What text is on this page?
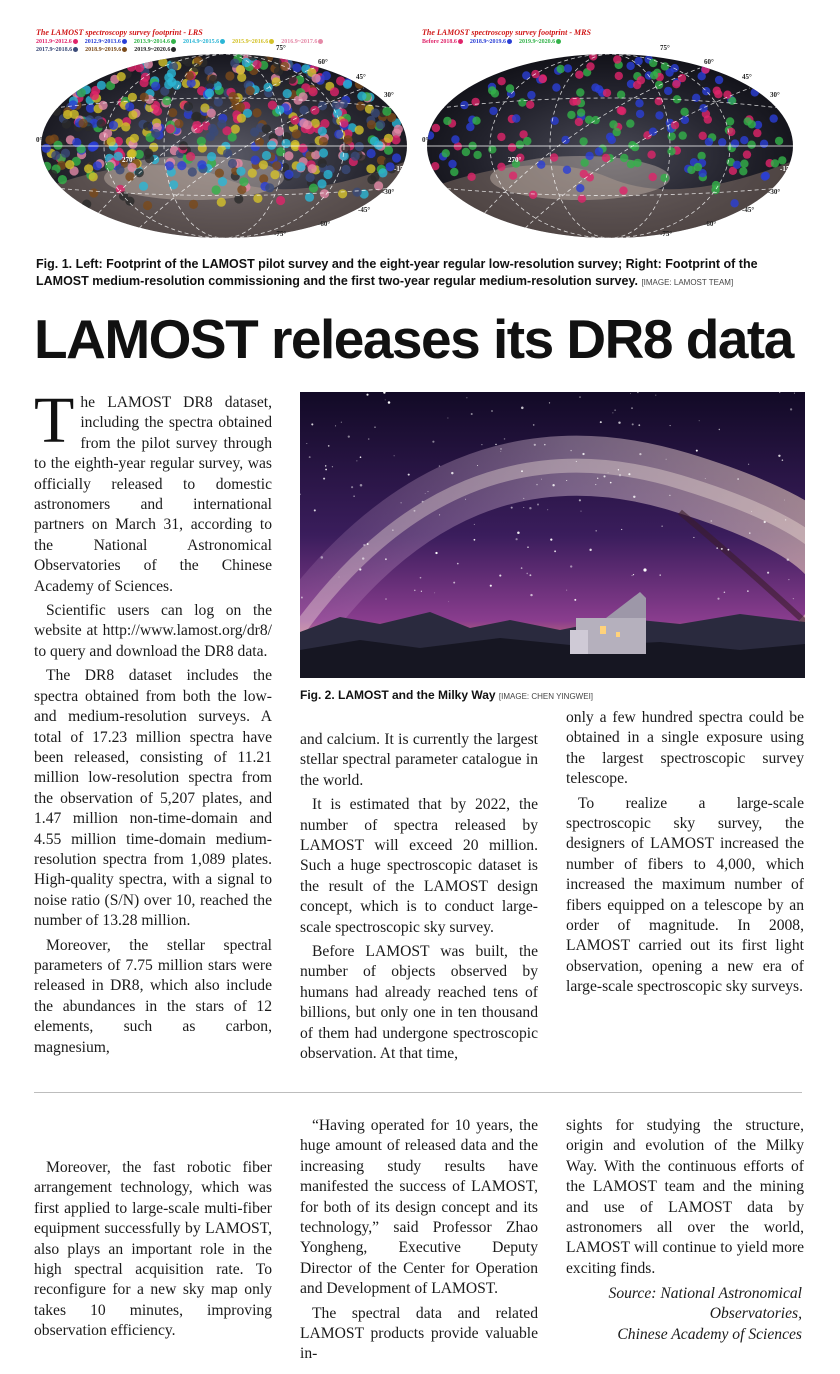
The LAMOST spectroscopy survey footprint - LRS
2011.9~2012.6 2012.9~2013.6 2013.9~2014.6 2014.9~2015.6 2015.9~2016.6 2016.9~2017.62017.9~2018.6 2018.9~2019.6 2019.9~2020.6	75°
60°
45°
30°
15°
0°
270°
-15°
-30°
-45°
-60°
-75°
The LAMOST spectroscopy survey footprint - MRS
Before 2018.6 2018.9~2019.6 2019.9~2020.6
75°
60°
45°
30°
15°
0°
270°
-15°
-30°
-45°
-60°
-75°
Fig. 1. Left: Footprint of the LAMOST pilot survey and the eight-year regular low-resolution survey; Right: Footprint of the LAMOST medium-resolution commissioning and the first two-year regular medium-resolution survey. [IMAGE: LAMOST TEAM]
LAMOST releases its DR8 data

The LAMOST DR8 dataset, including the spectra obtained from the pilot survey through to the eighth-year regular survey, was officially released to domestic astronomers and international partners on March 31, according to the National Astronomical Observatories of the Chinese Academy of Sciences.

Scientific users can log on the website at http://www.lamost.org/dr8/ to query and download the DR8 data.

The DR8 dataset includes the spectra obtained from both the low- and medium-resolution surveys. A total of 17.23 million spectra have been released, consisting of 11.21 million low-resolution spectra from the observation of 5,207 plates, and 1.47 million non-time-domain and 4.55 million time-domain medium-resolution spectra from 1,089 plates. High-quality spectra, with a signal to noise ratio (S/N) over 10, reached the number of 13.28 million.

Moreover, the stellar spectral parameters of 7.75 million stars were released in DR8, which also include the abundances in the stars of 12 elements, such as carbon, magnesium,

Fig. 2. LAMOST and the Milky Way [IMAGE: CHEN YINGWEI]

and calcium. It is currently the largest stellar spectral parameter catalogue in the world.

It is estimated that by 2022, the number of spectra released by LAMOST will exceed 20 million. Such a huge spectroscopic dataset is the result of the LAMOST design concept, which is to conduct large-scale spectroscopic sky survey.

Before LAMOST was built, the number of objects observed by humans had already reached tens of billions, but only one in ten thousand of them had undergone spectroscopic observation. At that time,

only a few hundred spectra could be obtained in a single exposure using the largest spectroscopic survey telescope.

To realize a large-scale spectroscopic sky survey, the designers of LAMOST increased the number of fibers to 4,000, which increased the maximum number of fibers equipped on a telescope by an order of magnitude. In 2008, LAMOST carried out its first light observation, opening a new era of large-scale spectroscopic sky surveys.

Moreover, the fast robotic fiber arrangement technology, which was first applied to large-scale multi-fiber equipment successfully by LAMOST, also plays an important role in the high spectral acquisition rate. To reconfigure for a new sky map only takes 10 minutes, improving observation efficiency.

“Having operated for 10 years, the huge amount of released data and the increasing study results have manifested the success of LAMOST, for both of its design concept and its technology,” said Professor Zhao Yongheng, Executive Deputy Director of the Center for Operation and Development of LAMOST.

The spectral data and related LAMOST products provide valuable in-

sights for studying the structure, origin and evolution of the Milky Way. With the continuous efforts of the LAMOST team and the mining and use of LAMOST data by astronomers all over the world, LAMOST will continue to yield more exciting finds.

Source: National Astronomical
Observatories,
Chinese Academy of Sciences
